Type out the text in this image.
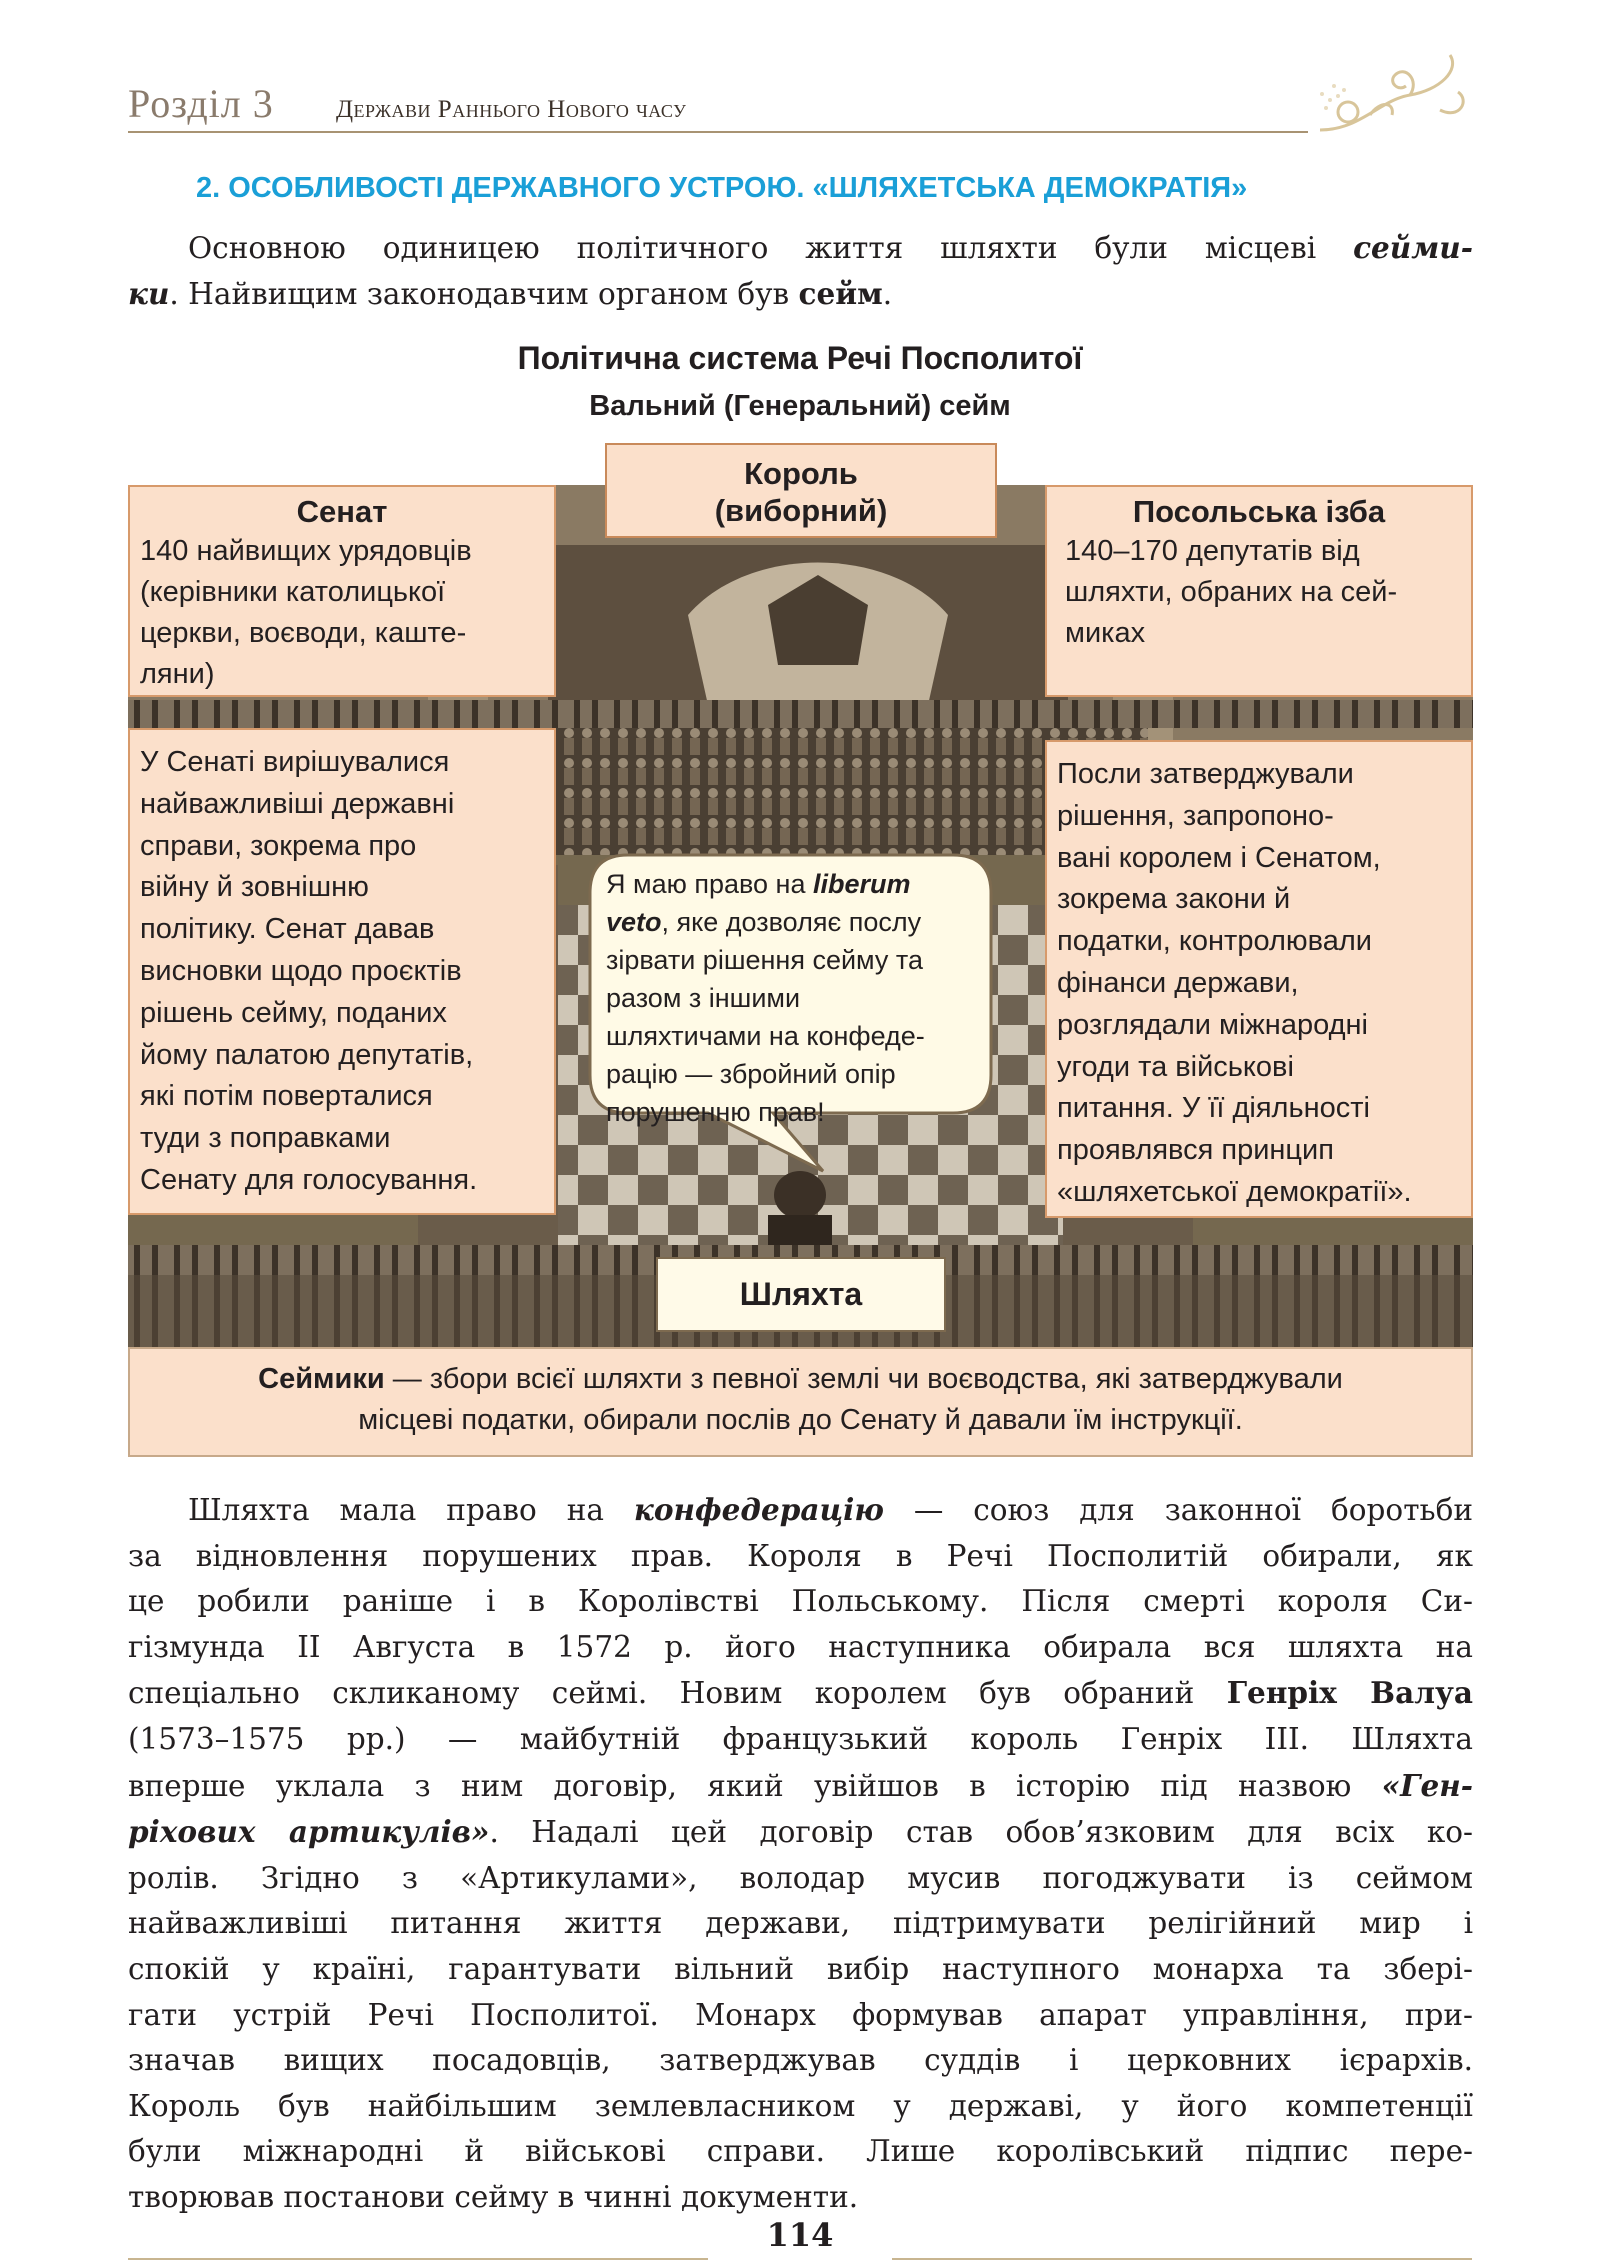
Розділ 3 Держави Раннього Нового часу
2. ОСОБЛИВОСТІ ДЕРЖАВНОГО УСТРОЮ. «ШЛЯХЕТСЬКА ДЕМОКРАТІЯ»
Основною одиницею політичного життя шляхти були місцеві сейми-
ки. Найвищим законодавчим органом був сейм.
Політична система Речі Посполитої
Вальний (Генеральний) сейм
Король
(виборний)
Сенат
140 найвищих урядовців
(керівники католицької
церкви, воєводи, каште-
ляни)
Посольська ізба
140–170 депутатів від
шляхти, обраних на сей-
миках
У Сенаті вирішувалися
найважливіші державні
справи, зокрема про
війну й зовнішню
політику. Сенат давав
висновки щодо проєктів
рішень сейму, поданих
йому палатою депутатів,
які потім поверталися
туди з поправками
Сенату для голосування.
Посли затверджували
рішення, запропоно-
вані королем і Сенатом,
зокрема закони й
податки, контролювали
фінанси держави,
розглядали міжнародні
угоди та військові
питання. У її діяльності
проявлявся принцип
«шляхетської демократії».
Я маю право на liberum
veto, яке дозволяє послу
зірвати рішення сейму та
разом з іншими
шляхтичами на конфеде-
рацію — збройний опір
порушенню прав!
Шляхта
Сеймики — збори всієї шляхти з певної землі чи воєводства, які затверджували
місцеві податки, обирали послів до Сенату й давали їм інструкції.
Шляхта мала право на конфедерацію — союз для законної боротьби
за відновлення порушених прав. Короля в Речі Посполитій обирали, як
це робили раніше і в Королівстві Польському. Після смерті короля Си-
гізмунда II Августа в 1572 р. його наступника обирала вся шляхта на
спеціально скликаному сеймі. Новим королем був обраний Генріх Валуа
(1573–1575 рр.) — майбутній французький король Генріх III. Шляхта
вперше уклала з ним договір, який увійшов в історію під назвою «Ген-
ріхових артикулів». Надалі цей договір став обов’язковим для всіх ко-
ролів. Згідно з «Артикулами», володар мусив погоджувати із сеймом
найважливіші питання життя держави, підтримувати релігійний мир і
спокій у країні, гарантувати вільний вибір наступного монарха та зберi-
гати устрій Речі Посполитої. Монарх формував апарат управління, при-
значав вищих посадовців, затверджував суддів і церковних ієрархів.
Король був найбільшим землевласником у державі, у його компетенції
були міжнародні й військові справи. Лише королівський підпис пере-
творював постанови сейму в чинні документи.
114
